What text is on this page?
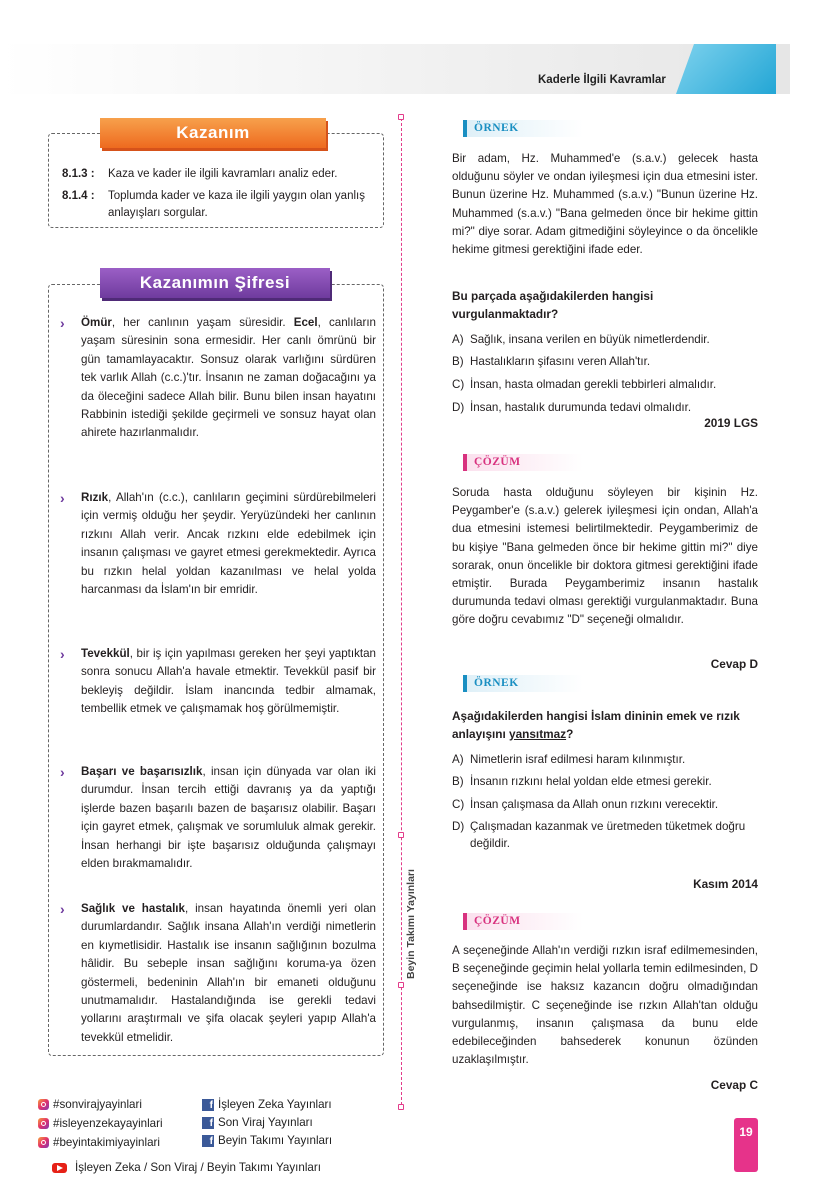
Kaderle İlgili Kavramlar
Kazanım
8.1.3 : Kaza ve kader ile ilgili kavramları analiz eder.
8.1.4 : Toplumda kader ve kaza ile ilgili yaygın olan yanlış anlayışları sorgular.
Kazanımın Şifresi
› Ömür, her canlının yaşam süresidir. Ecel, canlıların yaşam süresinin sona ermesidir. Her canlı ömrünü bir gün tamamlayacaktır. Sonsuz olarak varlığını sürdüren tek varlık Allah (c.c.)'tır. İnsanın ne zaman doğacağını ya da öleceğini sadece Allah bilir. Bunu bilen insan hayatını Rabbinin istediği şekilde geçirmeli ve sonsuz hayat olan ahirete hazırlanmalıdır.
› Rızık, Allah'ın (c.c.), canlıların geçimini sürdürebilmeleri için vermiş olduğu her şeydir. Yeryüzündeki her canlının rızkını Allah verir. Ancak rızkını elde edebilmek için insanın çalışması ve gayret etmesi gerekmektedir. Ayrıca bu rızkın helal yoldan kazanılması ve helal yolda harcanması da İslam'ın bir emridir.
› Tevekkül, bir iş için yapılması gereken her şeyi yaptıktan sonra sonucu Allah'a havale etmektir. Tevekkül pasif bir bekleyiş değildir. İslam inancında tedbir almamak, tembellik etmek ve çalışmamak hoş görülmemiştir.
› Başarı ve başarısızlık, insan için dünyada var olan iki durumdur. İnsan tercih ettiği davranış ya da yaptığı işlerde bazen başarılı bazen de başarısız olabilir. Başarı için gayret etmek, çalışmak ve sorumluluk almak gerekir. İnsan herhangi bir işte başarısız olduğunda çalışmayı elden bırakmamalıdır.
› Sağlık ve hastalık, insan hayatında önemli yeri olan durumlardandır. Sağlık insana Allah'ın verdiği nimetlerin en kıymetlisidir. Hastalık ise insanın sağlığının bozulma hâlidir. Bu sebeple insan sağlığını koruma-ya özen göstermeli, bedeninin Allah'ın bir emaneti olduğunu unutmamalıdır. Hastalandığında ise gerekli tedavi yollarını araştırmalı ve şifa olacak şeyleri yapıp Allah'a tevekkül etmelidir.
Beyin Takımı Yayınları
ÖRNEK
Bir adam, Hz. Muhammed'e (s.a.v.) gelecek hasta olduğunu söyler ve ondan iyileşmesi için dua etmesini ister. Bunun üzerine Hz. Muhammed (s.a.v.) "Bunun üzerine Hz. Muhammed (s.a.v.) "Bana gelmeden önce bir hekime gittin mi?" diye sorar. Adam gitmediğini söyleyince o da öncelikle hekime gitmesi gerektiğini ifade eder.
Bu parçada aşağıdakilerden hangisi vurgulanmaktadır?
A) Sağlık, insana verilen en büyük nimetlerdendir.
B) Hastalıkların şifasını veren Allah'tır.
C) İnsan, hasta olmadan gerekli tebbirleri almalıdır.
D) İnsan, hastalık durumunda tedavi olmalıdır.
2019 LGS
ÇÖZÜM
Soruda hasta olduğunu söyleyen bir kişinin Hz. Peygamber'e (s.a.v.) gelerek iyileşmesi için ondan, Allah'a dua etmesini istemesi belirtilmektedir. Peygamberimiz de bu kişiye "Bana gelmeden önce bir hekime gittin mi?" diye sorarak, onun öncelikle bir doktora gitmesi gerektiğini ifade etmiştir. Burada Peygamberimiz insanın hastalık durumunda tedavi olması gerektiği vurgulanmaktadır. Buna göre doğru cevabımız "D" seçeneği olmalıdır.
Cevap D
ÖRNEK
Aşağıdakilerden hangisi İslam dininin emek ve rızık anlayışını yansıtmaz?
A) Nimetlerin israf edilmesi haram kılınmıştır.
B) İnsanın rızkını helal yoldan elde etmesi gerekir.
C) İnsan çalışmasa da Allah onun rızkını verecektir.
D) Çalışmadan kazanmak ve üretmeden tüketmek doğru değildir.
Kasım 2014
ÇÖZÜM
A seçeneğinde Allah'ın verdiği rızkın israf edilmemesinden, B seçeneğinde geçimin helal yollarla temin edilmesinden, D seçeneğinde ise haksız kazancın doğru olmadığından bahsedilmiştir. C seçeneğinde ise rızkın Allah'tan olduğu vurgulanmış, insanın çalışmasa da bunu elde edebileceğinden bahsederek konunun özünden uzaklaşılmıştır.
Cevap C
#sonvirajyayinlari
#isleyenzekayayinlari
#beyintakimiyayinlari
f İşleyen Zeka Yayınları
f Son Viraj Yayınları
f Beyin Takımı Yayınları
İşleyen Zeka / Son Viraj / Beyin Takımı Yayınları
19
